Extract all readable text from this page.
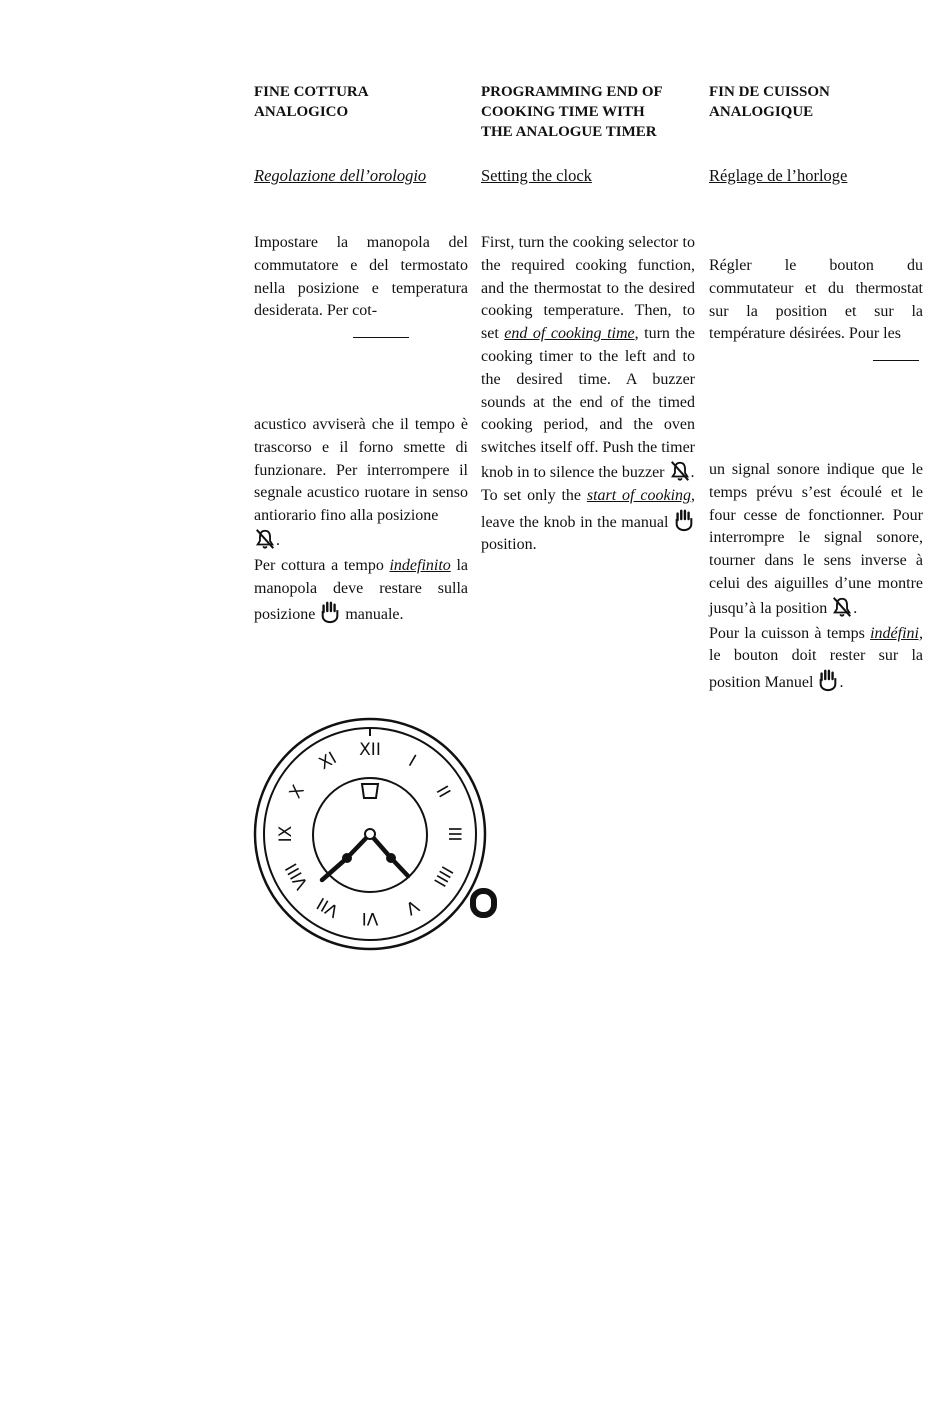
FINE COTTURA
ANALOGICO
Regolazione dell’orologio

Impostare la manopola del commutatore e del termostato nella posizione e temperatura desiderata. Per cot-

acustico avviserà che il tempo è trascorso e il forno smette di funzionare. Per interrompere il segnale acustico ruotare in senso antiorario fino alla posizione
.

Per cottura a tempo indefinito la manopola deve restare sulla posizione  manuale.

PROGRAMMING END OF
COOKING TIME WITH
THE ANALOGUE TIMER
Setting the clock

First, turn the cooking selector to the required cooking function, and the thermostat to the desired cooking temperature. Then, to set end of cooking time, turn the cooking timer to the left and to the desired time. A buzzer sounds at the end of the timed cooking period, and the oven switches itself off. Push the timer knob in to silence the buzzer .

To set only the start of cooking, leave the knob in the manual  position.

FIN DE CUISSON
ANALOGIQUE
Réglage de l’horloge

Régler le bouton du commutateur et du thermostat sur la position et sur la température désirées. Pour les

un signal sonore indique que le temps prévu s’est écoulé et le four cesse de fonctionner. Pour interrompre le signal sonore, tourner dans le sens inverse à celui des aiguilles d’une montre jusqu’à la position .

Pour la cuisson à temps indéfini, le bouton doit rester sur la position Manuel .

XII
I
II
III
IIII
V
VI
VII
VIII
IX
X
XI
